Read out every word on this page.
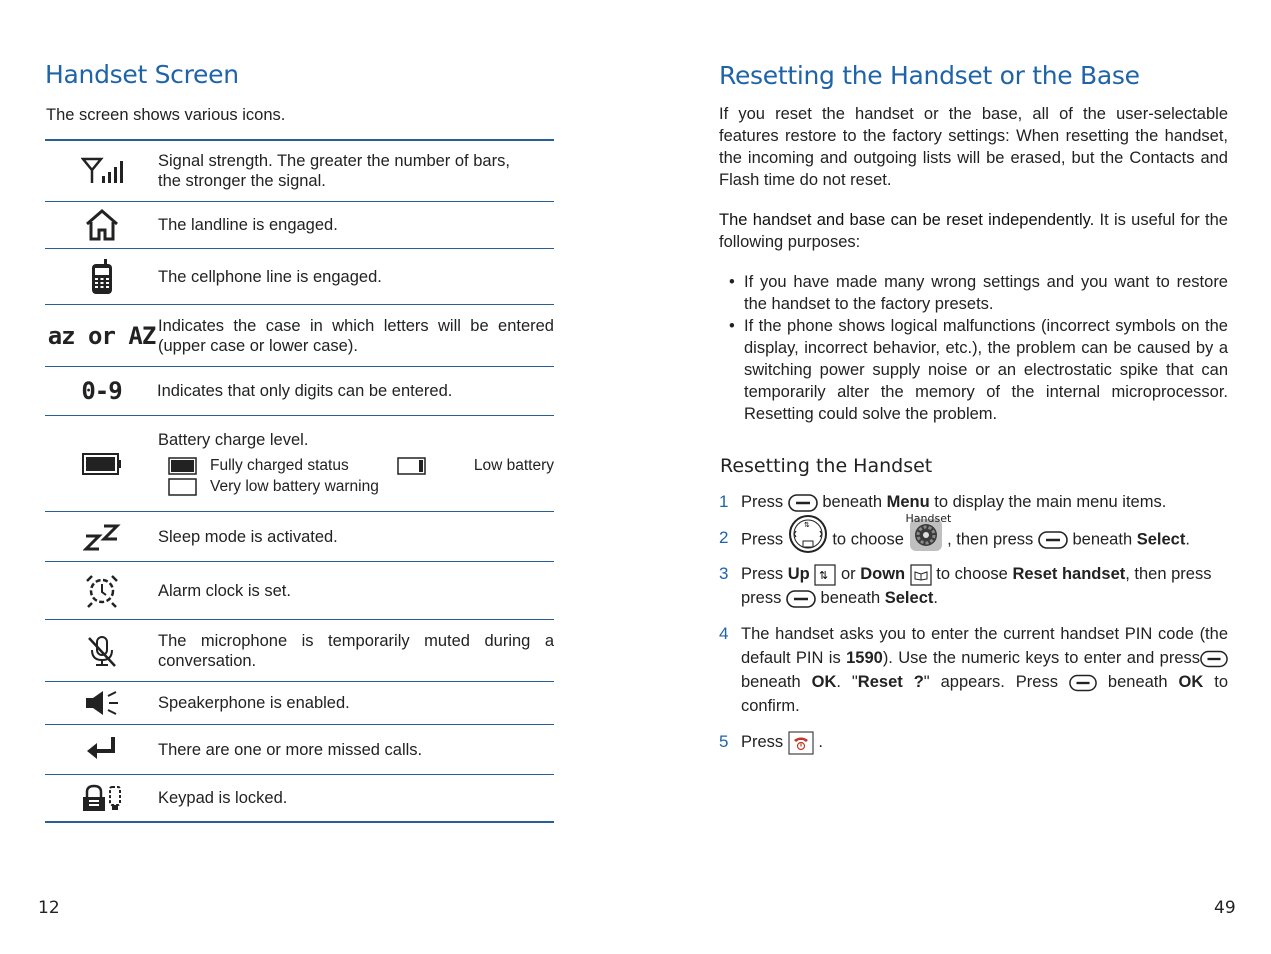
Handset Screen

The screen shows various icons.

Signal strength. The greater the number of bars, the stronger the signal.
The landline is engaged.
The cellphone line is engaged.
az or AZ Indicates the case in which letters will be entered (upper case or lower case).
0-9 Indicates that only digits can be entered.
Battery charge level.
Fully charged status	Low battery
Very low battery warning
Sleep mode is activated.
Alarm clock is set.
The microphone is temporarily muted during a conversation.
Speakerphone is enabled.
There are one or more missed calls.
Keypad is locked.
12
Resetting the Handset or the Base

If you reset the handset or the base, all of the user-selectable features restore to the factory settings: When resetting the handset, the incoming and outgoing lists will be erased, but the Contacts and Flash time do not reset.

The handset and base can be reset independently. It is useful for the following purposes:

• If you have made many wrong settings and you want to restore the handset to the factory presets.
• If the phone shows logical malfunctions (incorrect symbols on the display, incorrect behavior, etc.), the problem can be caused by a switching power supply noise or an electrostatic spike that can temporarily alter the memory of the internal microprocessor. Resetting could solve the problem.
Resetting the Handset
1 Press  beneath Menu to display the main menu items.
2 Press
⇅
to choose
Handset
, then press  beneath Select.
3 Press Up ⇅ or Down  to choose Reset handset, then press
press  beneath Select.
4 The handset asks you to enter the current handset PIN code (the default PIN is 1590). Use the numeric keys to enter and pressbeneath OK. "Reset ?" appears. Press  beneath OK to confirm.
5 Press  .
49
